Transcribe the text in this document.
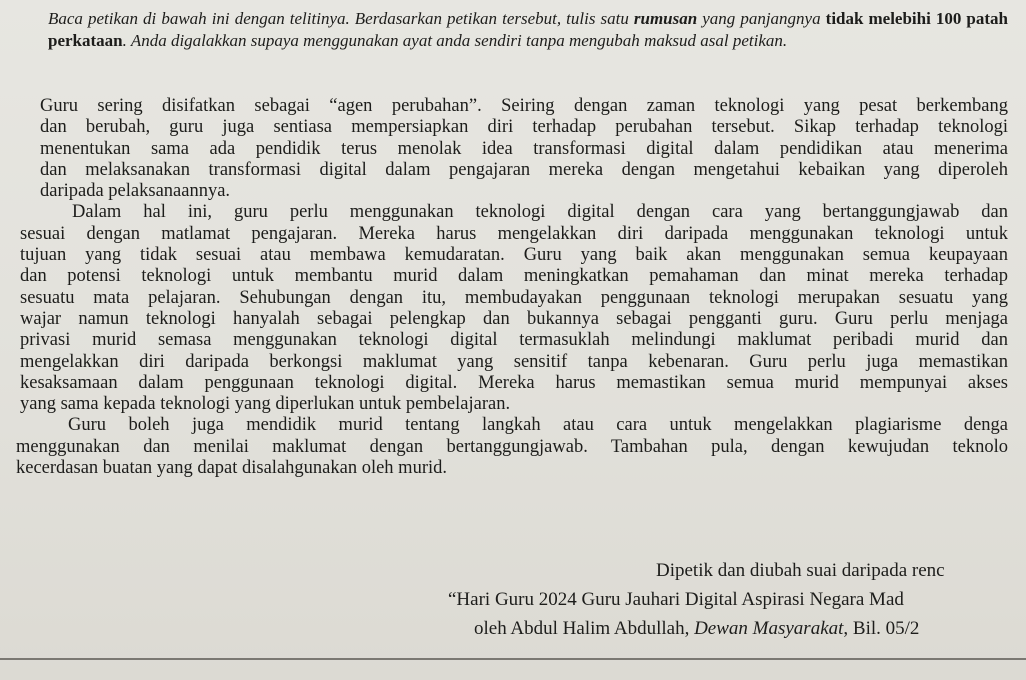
Baca petikan di bawah ini dengan telitinya. Berdasarkan petikan tersebut, tulis satu rumusan yang panjangnya tidak melebihi 100 patah perkataan. Anda digalakkan supaya menggunakan ayat anda sendiri tanpa mengubah maksud asal petikan.
Guru sering disifatkan sebagai “agen perubahan”. Seiring dengan zaman teknologi yang pesat berkembang
dan berubah, guru juga sentiasa mempersiapkan diri terhadap perubahan tersebut. Sikap terhadap teknologi
menentukan sama ada pendidik terus menolak idea transformasi digital dalam pendidikan atau menerima
dan melaksanakan transformasi digital dalam pengajaran mereka dengan mengetahui kebaikan yang diperoleh
daripada pelaksanaannya.
Dalam hal ini, guru perlu menggunakan teknologi digital dengan cara yang bertanggungjawab dan
sesuai dengan matlamat pengajaran. Mereka harus mengelakkan diri daripada menggunakan teknologi untuk
tujuan yang tidak sesuai atau membawa kemudaratan. Guru yang baik akan menggunakan semua keupayaan
dan potensi teknologi untuk membantu murid dalam meningkatkan pemahaman dan minat mereka terhadap
sesuatu mata pelajaran. Sehubungan dengan itu, membudayakan penggunaan teknologi merupakan sesuatu yang
wajar namun teknologi hanyalah sebagai pelengkap dan bukannya sebagai pengganti guru. Guru perlu menjaga
privasi murid semasa menggunakan teknologi digital termasuklah melindungi maklumat peribadi murid dan
mengelakkan diri daripada berkongsi maklumat yang sensitif tanpa kebenaran. Guru perlu juga memastikan
kesaksamaan dalam penggunaan teknologi digital. Mereka harus memastikan semua murid mempunyai akses
yang sama kepada teknologi yang diperlukan untuk pembelajaran.
Guru boleh juga mendidik murid tentang langkah atau cara untuk mengelakkan plagiarisme denga
menggunakan dan menilai maklumat dengan bertanggungjawab. Tambahan pula, dengan kewujudan teknolo
kecerdasan buatan yang dapat disalahgunakan oleh murid.
Dipetik dan diubah suai daripada renc
“Hari Guru 2024 Guru Jauhari Digital Aspirasi Negara Mad
oleh Abdul Halim Abdullah, Dewan Masyarakat, Bil. 05/2
